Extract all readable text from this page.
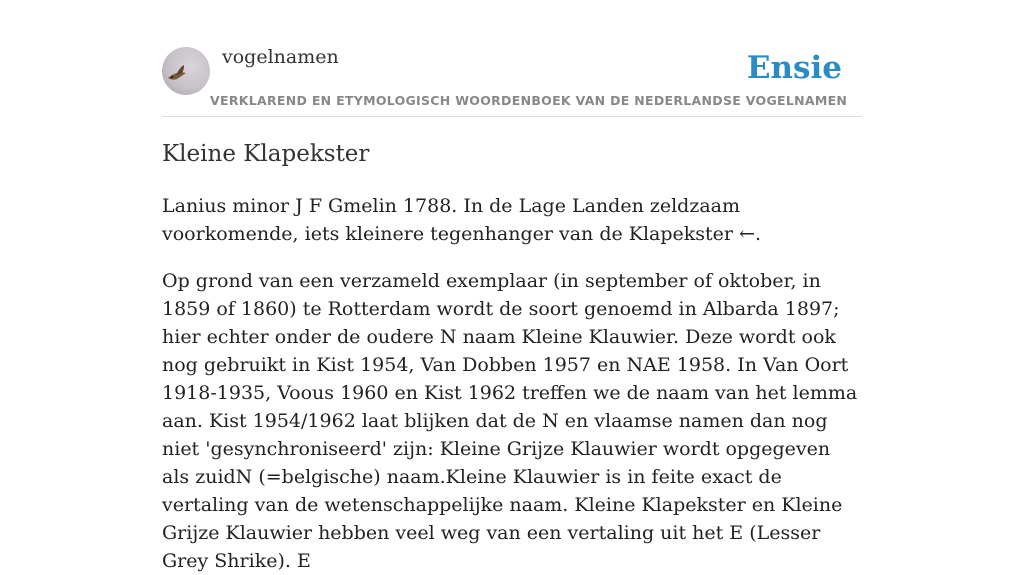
vogelnamen
VERKLAREND EN ETYMOLOGISCH WOORDENBOEK VAN DE NEDERLANDSE VOGELNAMEN
Ensie
Kleine Klapekster

Lanius minor J F Gmelin 1788. In de Lage Landen zeldzaam voorkomende, iets kleinere tegenhanger van de Klapekster ←.

Op grond van een verzameld exemplaar (in september of oktober, in 1859 of 1860) te Rotterdam wordt de soort genoemd in Albarda 1897; hier echter onder de oudere N naam Kleine Klauwier. Deze wordt ook nog gebruikt in Kist 1954, Van Dobben 1957 en NAE 1958. In Van Oort 1918-1935, Voous 1960 en Kist 1962 treffen we de naam van het lemma aan. Kist 1954/1962 laat blijken dat de N en vlaamse namen dan nog niet 'gesynchroniseerd' zijn: Kleine Grijze Klauwier wordt opgegeven als zuidN (=belgische) naam.Kleine Klauwier is in feite exact de vertaling van de wetenschappelijke naam. Kleine Klapekster en Kleine Grijze Klauwier hebben veel weg van een vertaling uit het E (Lesser Grey Shrike). E
